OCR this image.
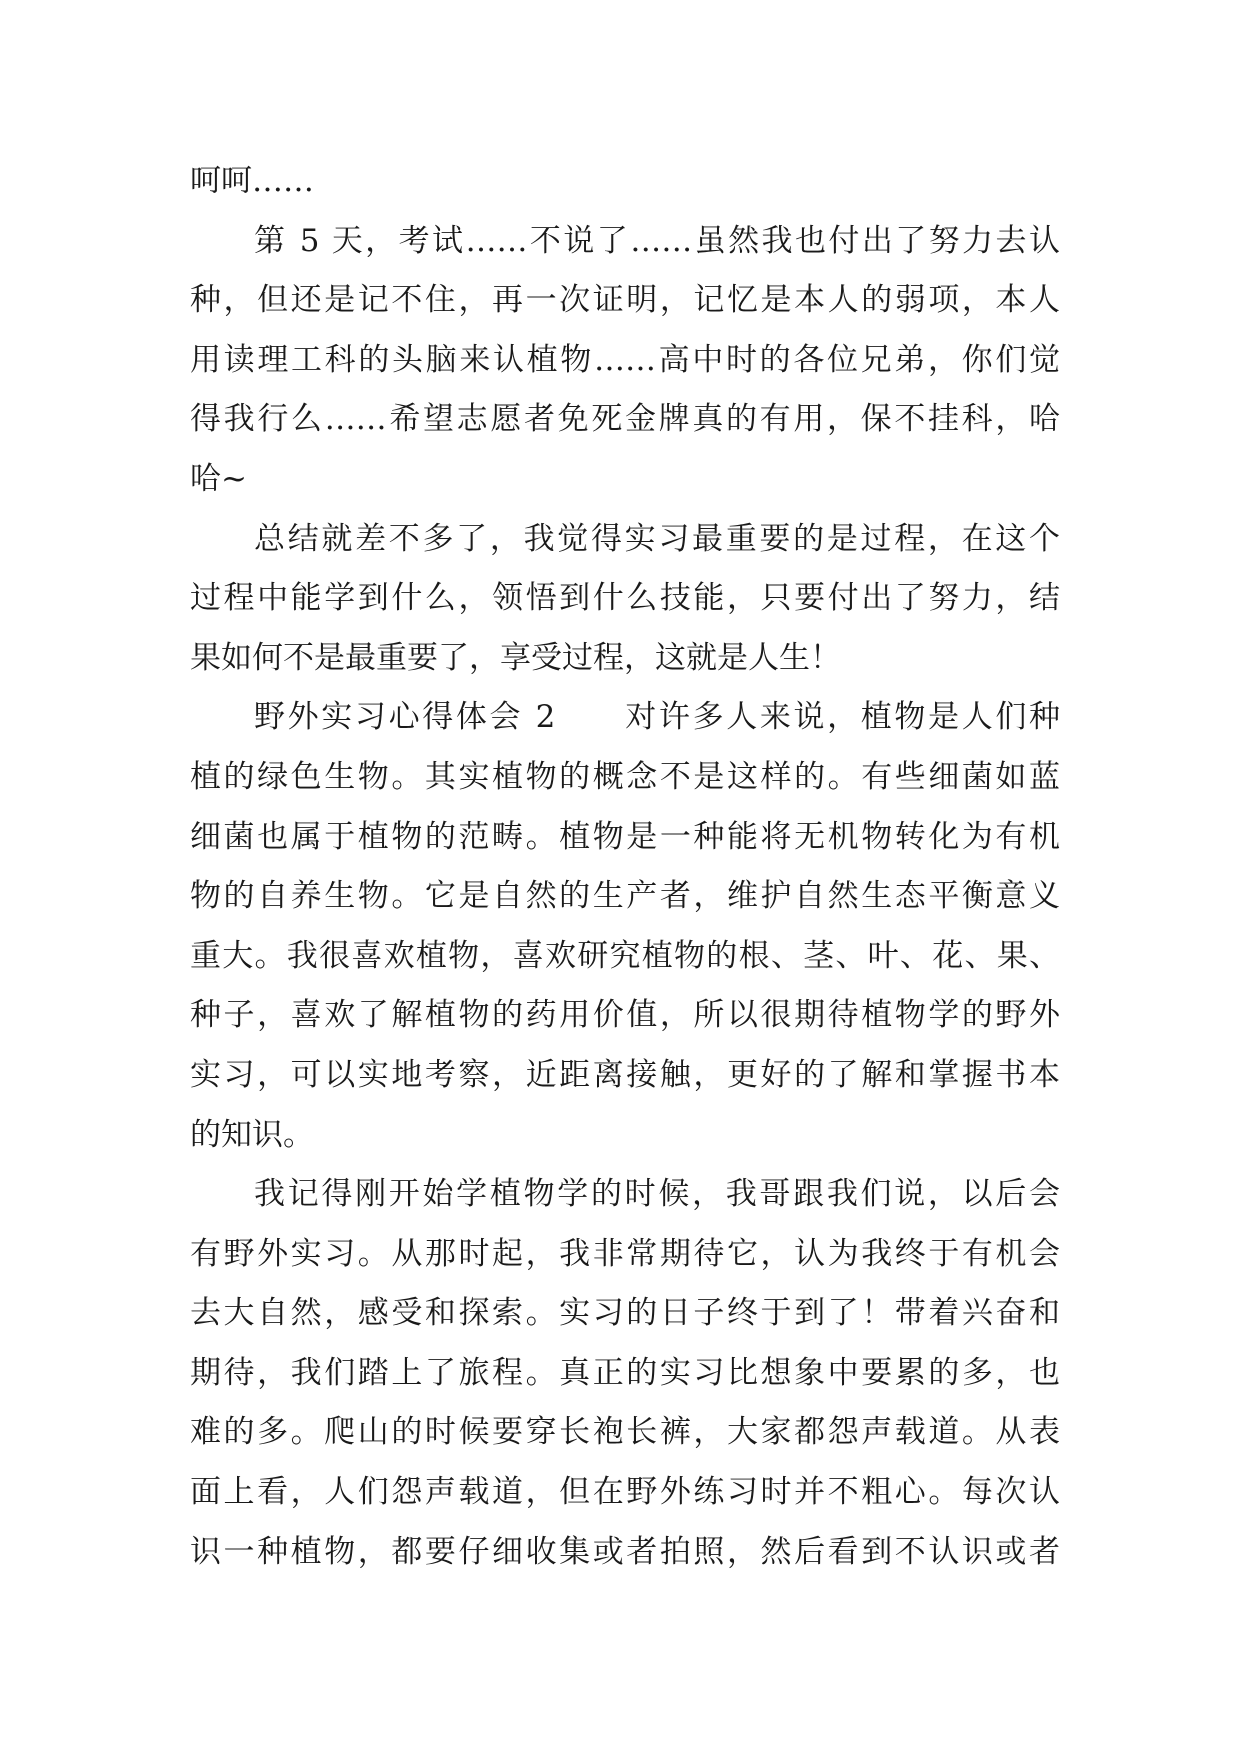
呵呵……
第 5 天，考试……不说了……虽然我也付出了努力去认
种，但还是记不住，再一次证明，记忆是本人的弱项，本人
用读理工科的头脑来认植物……高中时的各位兄弟，你们觉
得我行么……希望志愿者免死金牌真的有用，保不挂科，哈
哈~
总结就差不多了，我觉得实习最重要的是过程，在这个
过程中能学到什么，领悟到什么技能，只要付出了努力，结
果如何不是最重要了，享受过程，这就是人生！
野外实习心得体会 2　　对许多人来说，植物是人们种
植的绿色生物。其实植物的概念不是这样的。有些细菌如蓝
细菌也属于植物的范畴。植物是一种能将无机物转化为有机
物的自养生物。它是自然的生产者，维护自然生态平衡意义
重大。我很喜欢植物，喜欢研究植物的根、茎、叶、花、果、
种子，喜欢了解植物的药用价值，所以很期待植物学的野外
实习，可以实地考察，近距离接触，更好的了解和掌握书本
的知识。
我记得刚开始学植物学的时候，我哥跟我们说，以后会
有野外实习。从那时起，我非常期待它，认为我终于有机会
去大自然，感受和探索。实习的日子终于到了！带着兴奋和
期待，我们踏上了旅程。真正的实习比想象中要累的多，也
难的多。爬山的时候要穿长袍长裤，大家都怨声载道。从表
面上看，人们怨声载道，但在野外练习时并不粗心。每次认
识一种植物，都要仔细收集或者拍照，然后看到不认识或者
